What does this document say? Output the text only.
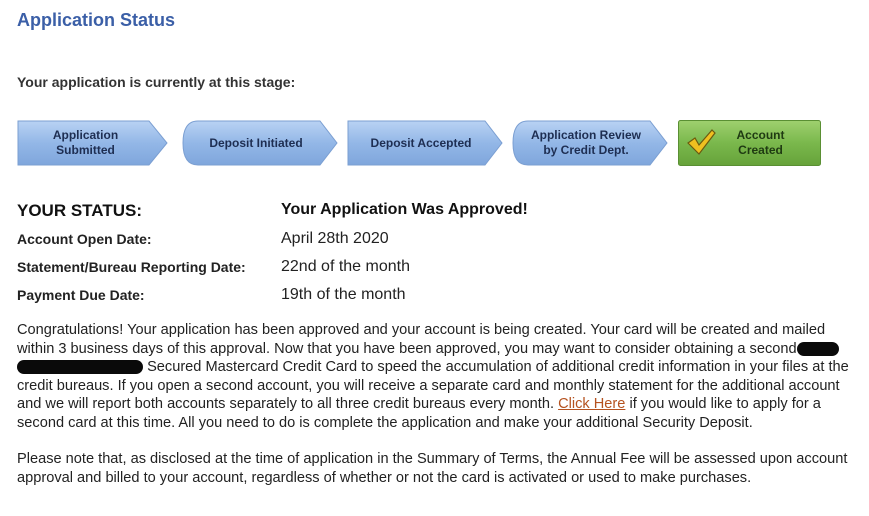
Application Status
Your application is currently at this stage:
Application
Submitted
Deposit Initiated	Deposit Accepted
Application Review
by Credit Dept.
Account
Created
YOUR STATUS:	Your Application Was Approved!
Account Open Date:	April 28th 2020
Statement/Bureau Reporting Date: 22nd of the month
Payment Due Date:	19th of the month

Congratulations! Your application has been approved and your account is being created. Your card will be created and mailed within 3 business days of this approval. Now that you have been approved, you may want to consider obtaining a second  Secured Mastercard Credit Card to speed the accumulation of additional credit information in your files at the credit bureaus. If you open a second account, you will receive a separate card and monthly statement for the additional account and we will report both accounts separately to all three credit bureaus every month. Click Here if you would like to apply for a second card at this time. All you need to do is complete the application and make your additional Security Deposit.

Please note that, as disclosed at the time of application in the Summary of Terms, the Annual Fee will be assessed upon account approval and billed to your account, regardless of whether or not the card is activated or used to make purchases.
